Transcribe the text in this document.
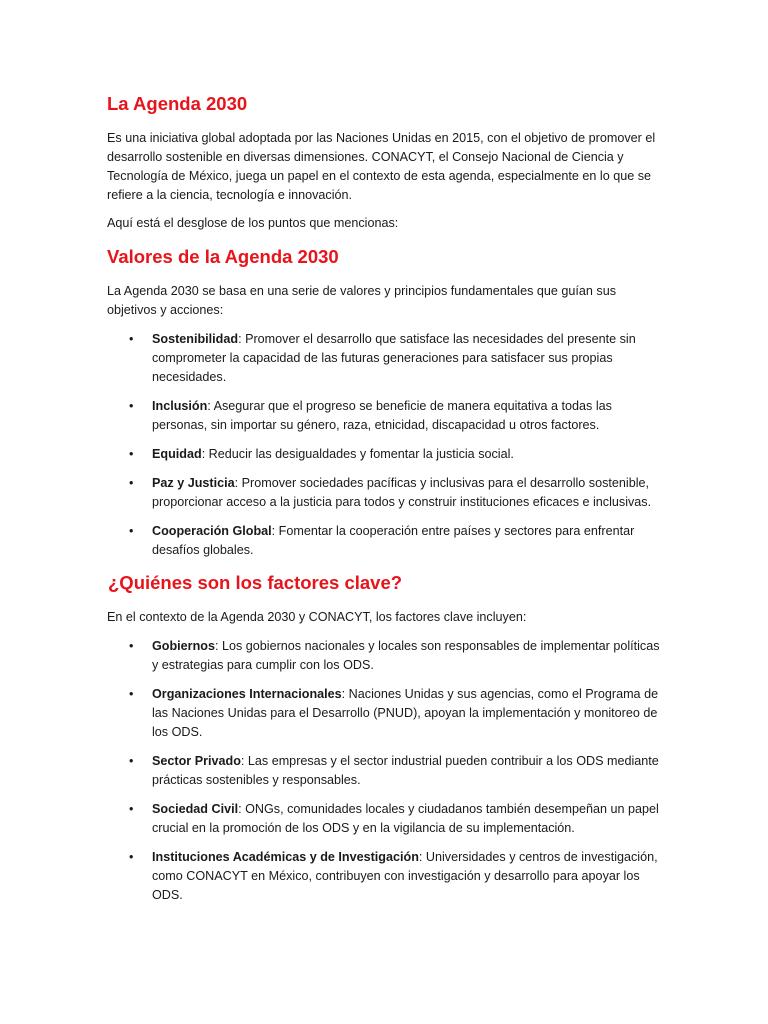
La Agenda 2030

Es una iniciativa global adoptada por las Naciones Unidas en 2015, con el objetivo de promover el desarrollo sostenible en diversas dimensiones. CONACYT, el Consejo Nacional de Ciencia y Tecnología de México, juega un papel en el contexto de esta agenda, especialmente en lo que se refiere a la ciencia, tecnología e innovación.

Aquí está el desglose de los puntos que mencionas:

Valores de la Agenda 2030

La Agenda 2030 se basa en una serie de valores y principios fundamentales que guían sus objetivos y acciones:

• Sostenibilidad: Promover el desarrollo que satisface las necesidades del presente sin comprometer la capacidad de las futuras generaciones para satisfacer sus propias necesidades.
• Inclusión: Asegurar que el progreso se beneficie de manera equitativa a todas las personas, sin importar su género, raza, etnicidad, discapacidad u otros factores.
• Equidad: Reducir las desigualdades y fomentar la justicia social.
• Paz y Justicia: Promover sociedades pacíficas y inclusivas para el desarrollo sostenible, proporcionar acceso a la justicia para todos y construir instituciones eficaces e inclusivas.
• Cooperación Global: Fomentar la cooperación entre países y sectores para enfrentar desafíos globales.
¿Quiénes son los factores clave?

En el contexto de la Agenda 2030 y CONACYT, los factores clave incluyen:

• Gobiernos: Los gobiernos nacionales y locales son responsables de implementar políticas y estrategias para cumplir con los ODS.
• Organizaciones Internacionales: Naciones Unidas y sus agencias, como el Programa de las Naciones Unidas para el Desarrollo (PNUD), apoyan la implementación y monitoreo de los ODS.
• Sector Privado: Las empresas y el sector industrial pueden contribuir a los ODS mediante prácticas sostenibles y responsables.
• Sociedad Civil: ONGs, comunidades locales y ciudadanos también desempeñan un papel crucial en la promoción de los ODS y en la vigilancia de su implementación.
• Instituciones Académicas y de Investigación: Universidades y centros de investigación, como CONACYT en México, contribuyen con investigación y desarrollo para apoyar los ODS.
